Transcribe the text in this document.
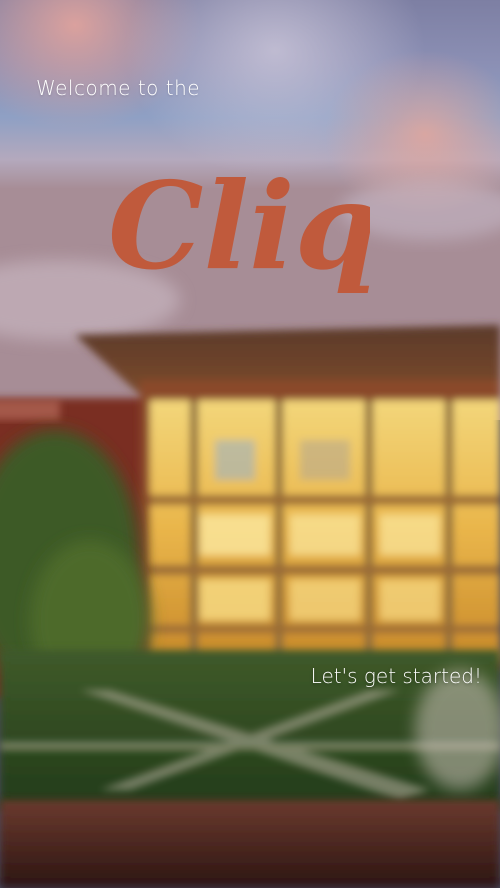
Welcome to the
Cliq
Let's get started!
